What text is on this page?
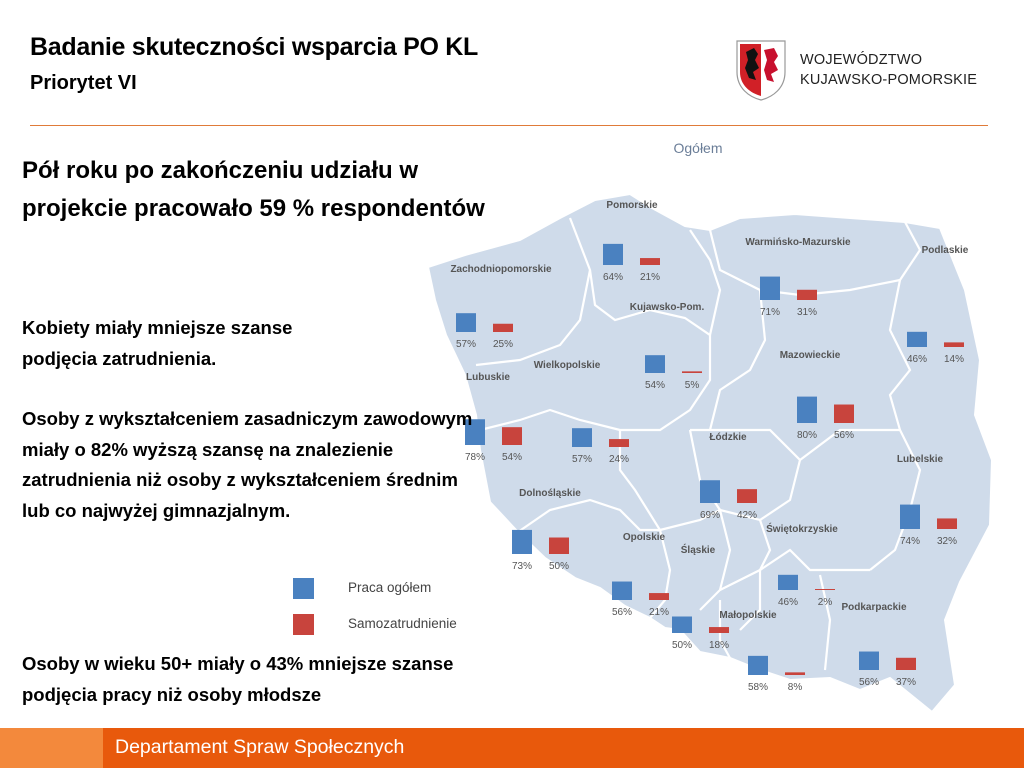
Badanie skuteczności wsparcia PO KL
Priorytet VI
WOJEWÓDZTWO
KUJAWSKO-POMORSKIE
Ogółem
Pomorskie
Warmińsko-Mazurskie
Podlaskie
Zachodniopomorskie
Kujawsko-Pom.
Mazowieckie
Lubuskie
Wielkopolskie
Łódzkie
Lubelskie
Dolnośląskie
Świętokrzyskie
Opolskie
Śląskie
Małopolskie
Podkarpackie
64% 21%
71% 31%
46% 14%
57% 25%
54% 5%
80% 56%
78% 54%	57% 24%
69% 42%
74% 32%
73% 50%
46% 2%
56% 21%
50% 18%
58% 8%	56% 37%
Pół roku po zakończeniu udziału w projekcie pracowało 59 % respondentów
Kobiety miały mniejsze szanse podjęcia zatrudnienia.
Osoby z wykształceniem zasadniczym zawodowym miały o 82% wyższą szansę na znalezienie zatrudnienia niż osoby z wykształceniem średnim lub co najwyżej gimnazjalnym.
Osoby w wieku 50+ miały o 43% mniejsze szanse podjęcia pracy niż osoby młodsze
Praca ogółem
Samozatrudnienie
Departament Spraw Społecznych
